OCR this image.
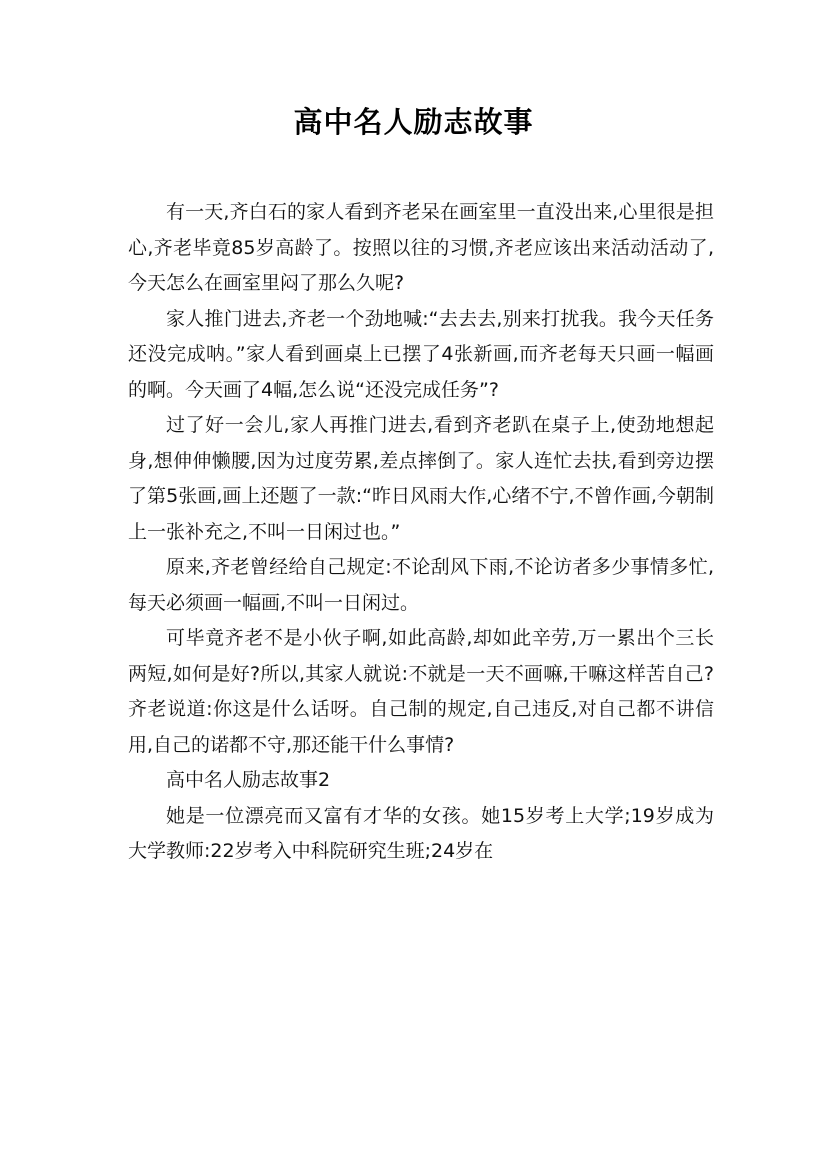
高中名人励志故事

有一天,齐白石的家人看到齐老呆在画室里一直没出来,心里很是担心,齐老毕竟85岁高龄了。按照以往的习惯,齐老应该出来活动活动了,今天怎么在画室里闷了那么久呢?

家人推门进去,齐老一个劲地喊:“去去去,别来打扰我。我今天任务还没完成呐。”家人看到画桌上已摆了4张新画,而齐老每天只画一幅画的啊。今天画了4幅,怎么说“还没完成任务”?

过了好一会儿,家人再推门进去,看到齐老趴在桌子上,使劲地想起身,想伸伸懒腰,因为过度劳累,差点摔倒了。家人连忙去扶,看到旁边摆了第5张画,画上还题了一款:“昨日风雨大作,心绪不宁,不曾作画,今朝制上一张补充之,不叫一日闲过也。”

原来,齐老曾经给自己规定:不论刮风下雨,不论访者多少事情多忙,每天必须画一幅画,不叫一日闲过。

可毕竟齐老不是小伙子啊,如此高龄,却如此辛劳,万一累出个三长两短,如何是好?所以,其家人就说:不就是一天不画嘛,干嘛这样苦自己?齐老说道:你这是什么话呀。自己制的规定,自己违反,对自己都不讲信用,自己的诺都不守,那还能干什么事情?

高中名人励志故事2

她是一位漂亮而又富有才华的女孩。她15岁考上大学;19岁成为大学教师:22岁考入中科院研究生班;24岁在
